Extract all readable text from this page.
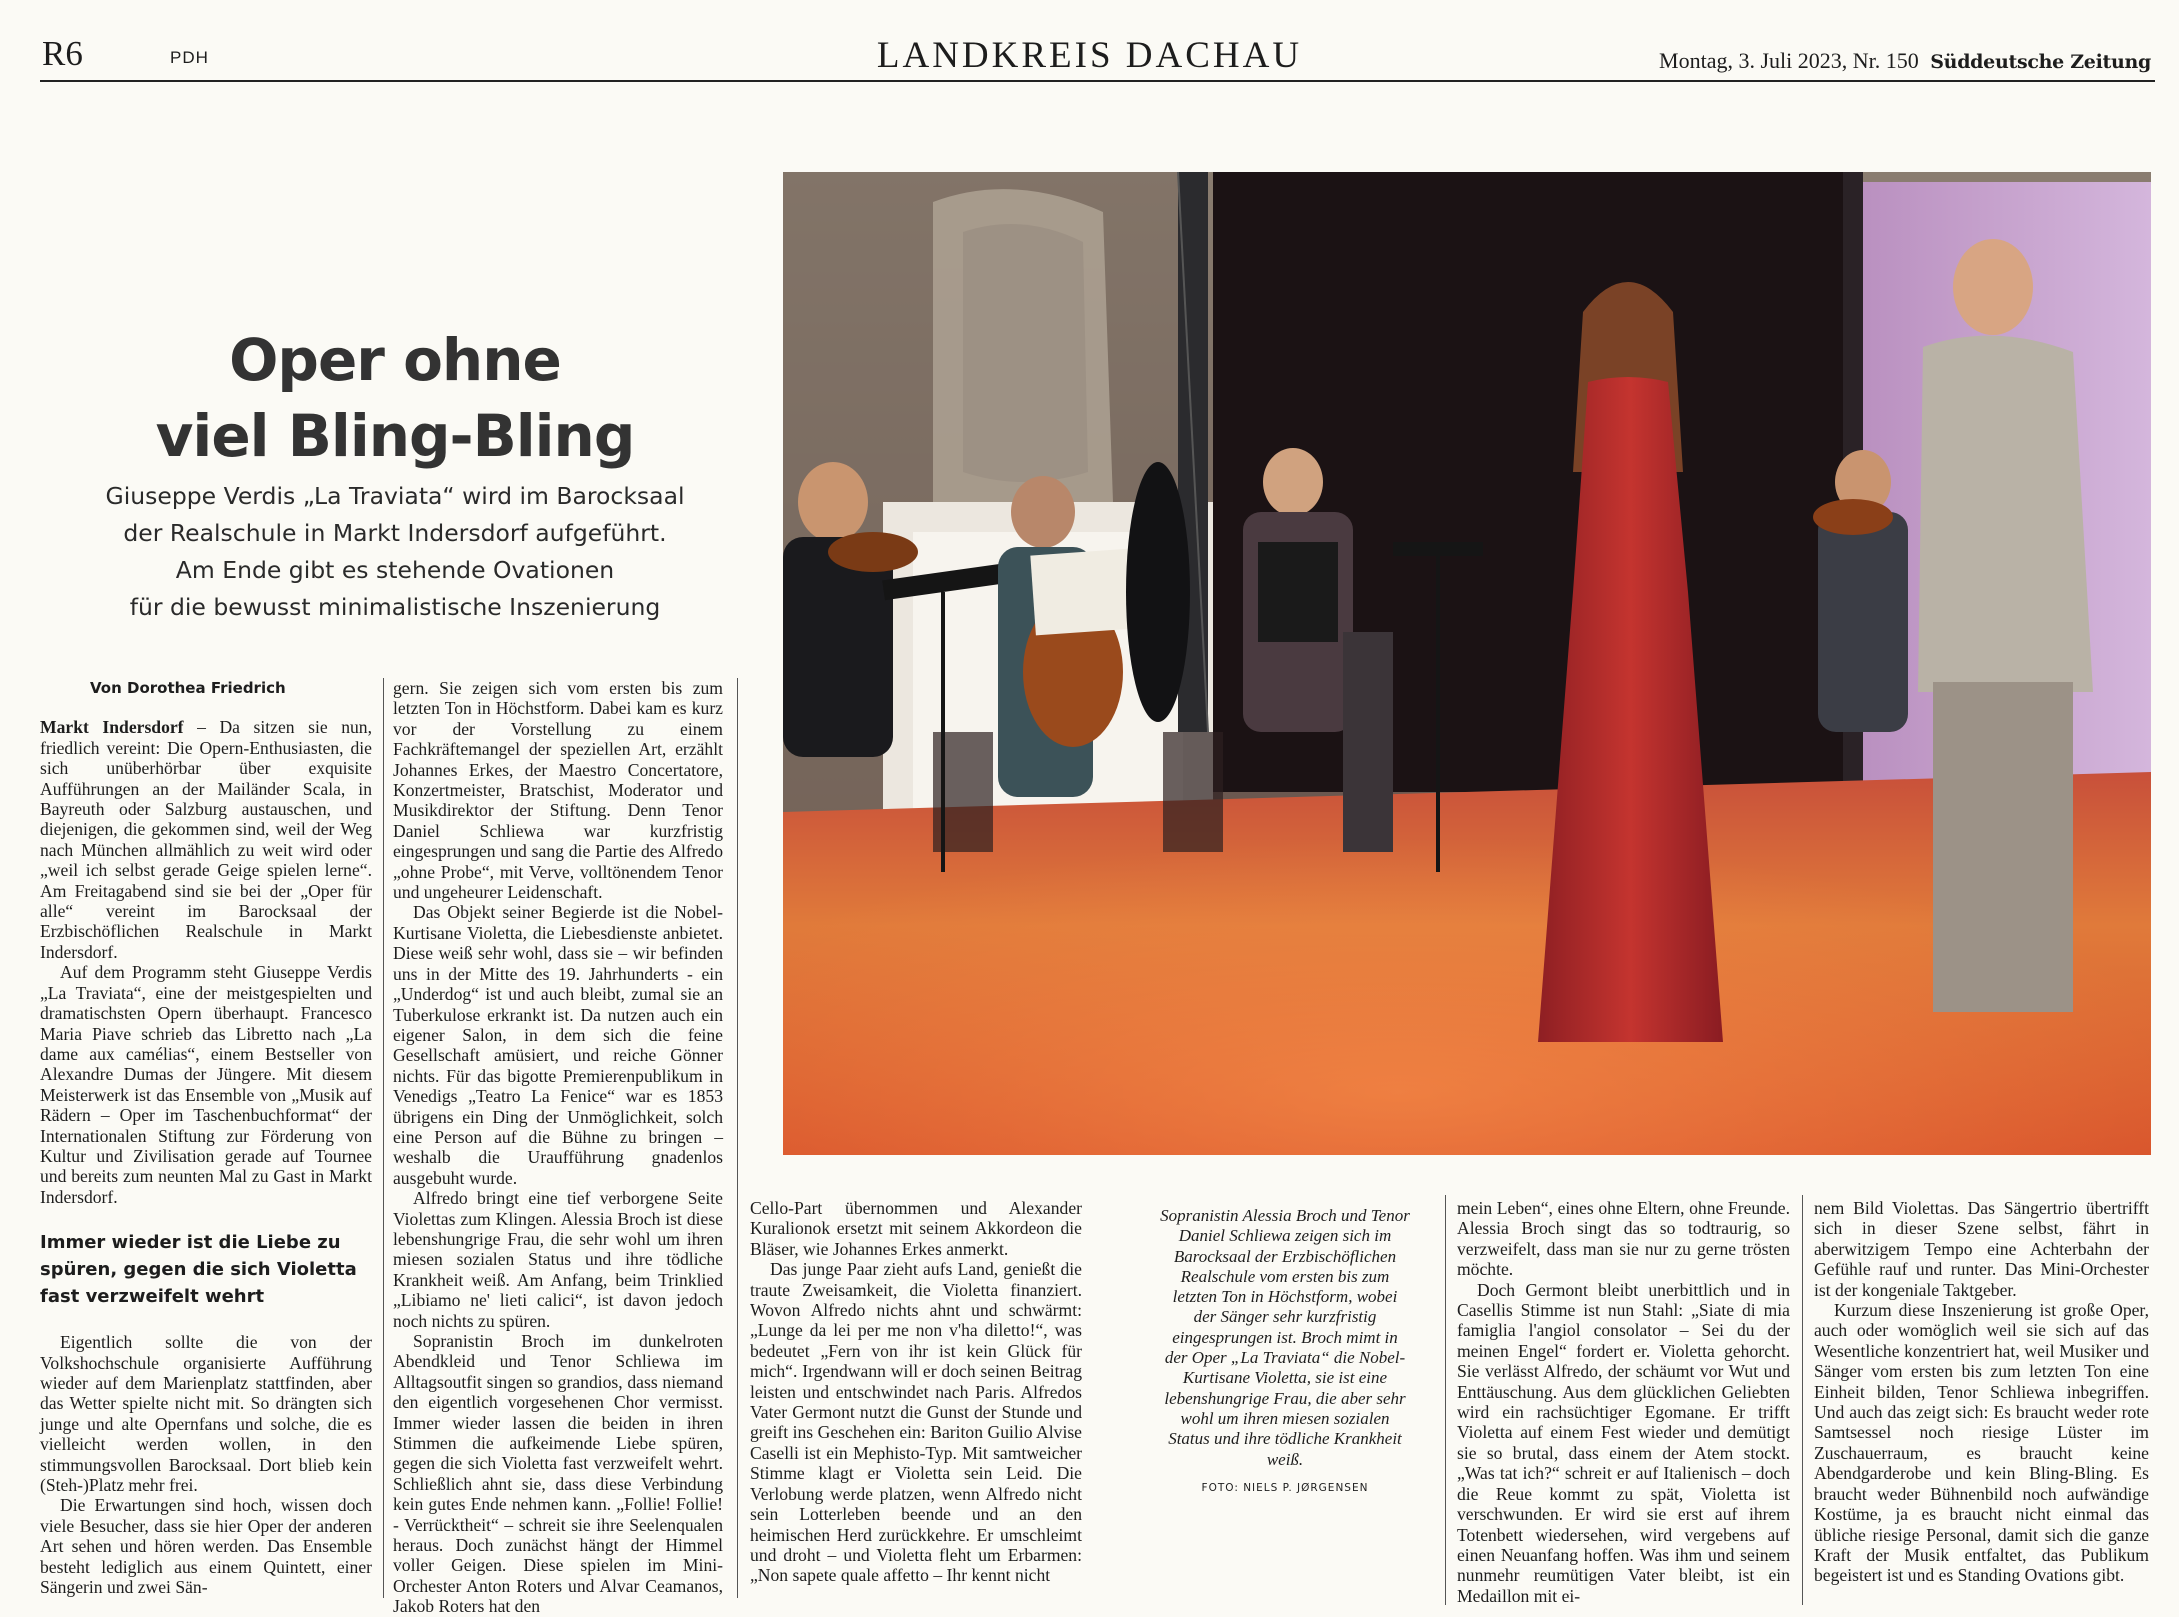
R6	PDH	LANDKREIS DACHAU	Montag, 3. Juli 2023, Nr. 150 Süddeutsche Zeitung
Oper ohne
viel Bling-Bling
Giuseppe Verdis „La Traviata“ wird im Barocksaal
der Realschule in Markt Indersdorf aufgeführt.
Am Ende gibt es stehende Ovationen
für die bewusst minimalistische Inszenierung
Von Dorothea Friedrich

Markt Indersdorf – Da sitzen sie nun, friedlich vereint: Die Opern-Enthusiasten, die sich unüberhörbar über exquisite Aufführungen an der Mailänder Scala, in Bayreuth oder Salzburg austauschen, und diejenigen, die gekommen sind, weil der Weg nach München allmählich zu weit wird oder „weil ich selbst gerade Geige spielen lerne“. Am Freitagabend sind sie bei der „Oper für alle“ vereint im Barocksaal der Erzbischöflichen Realschule in Markt Indersdorf.

Auf dem Programm steht Giuseppe Verdis „La Traviata“, eine der meistgespielten und dramatischsten Opern überhaupt. Francesco Maria Piave schrieb das Libretto nach „La dame aux camélias“, einem Bestseller von Alexandre Dumas der Jüngere. Mit diesem Meisterwerk ist das Ensemble von „Musik auf Rädern – Oper im Taschenbuchformat“ der Internationalen Stiftung zur Förderung von Kultur und Zivilisation gerade auf Tournee und bereits zum neunten Mal zu Gast in Markt Indersdorf.

Immer wieder ist die Liebe zu spüren, gegen die sich Violetta fast verzweifelt wehrt

Eigentlich sollte die von der Volkshochschule organisierte Aufführung wieder auf dem Marienplatz stattfinden, aber das Wetter spielte nicht mit. So drängten sich junge und alte Opernfans und solche, die es vielleicht werden wollen, in den stimmungsvollen Barocksaal. Dort blieb kein (Steh-)Platz mehr frei.

Die Erwartungen sind hoch, wissen doch viele Besucher, dass sie hier Oper der anderen Art sehen und hören werden. Das Ensemble besteht lediglich aus einem Quintett, einer Sängerin und zwei Sän-

gern. Sie zeigen sich vom ersten bis zum letzten Ton in Höchstform. Dabei kam es kurz vor der Vorstellung zu einem Fachkräftemangel der speziellen Art, erzählt Johannes Erkes, der Maestro Concertatore, Konzertmeister, Bratschist, Moderator und Musikdirektor der Stiftung. Denn Tenor Daniel Schliewa war kurzfristig eingesprungen und sang die Partie des Alfredo „ohne Probe“, mit Verve, volltönendem Tenor und ungeheurer Leidenschaft.

Das Objekt seiner Begierde ist die Nobel-Kurtisane Violetta, die Liebesdienste anbietet. Diese weiß sehr wohl, dass sie – wir befinden uns in der Mitte des 19. Jahrhunderts - ein „Underdog“ ist und auch bleibt, zumal sie an Tuberkulose erkrankt ist. Da nutzen auch ein eigener Salon, in dem sich die feine Gesellschaft amüsiert, und reiche Gönner nichts. Für das bigotte Premierenpublikum in Venedigs „Teatro La Fenice“ war es 1853 übrigens ein Ding der Unmöglichkeit, solch eine Person auf die Bühne zu bringen – weshalb die Uraufführung gnadenlos ausgebuht wurde.

Alfredo bringt eine tief verborgene Seite Violettas zum Klingen. Alessia Broch ist diese lebenshungrige Frau, die sehr wohl um ihren miesen sozialen Status und ihre tödliche Krankheit weiß. Am Anfang, beim Trinklied „Libiamo ne' lieti calici“, ist davon jedoch noch nichts zu spüren.

Sopranistin Broch im dunkelroten Abendkleid und Tenor Schliewa im Alltagsoutfit singen so grandios, dass niemand den eigentlich vorgesehenen Chor vermisst. Immer wieder lassen die beiden in ihren Stimmen die aufkeimende Liebe spüren, gegen die sich Violetta fast verzweifelt wehrt. Schließlich ahnt sie, dass diese Verbindung kein gutes Ende nehmen kann. „Follie! Follie! - Verrücktheit“ – schreit sie ihre Seelenqualen heraus. Doch zunächst hängt der Himmel voller Geigen. Diese spielen im Mini-Orchester Anton Roters und Alvar Ceamanos, Jakob Roters hat den

Cello-Part übernommen und Alexander Kuralionok ersetzt mit seinem Akkordeon die Bläser, wie Johannes Erkes anmerkt.

Das junge Paar zieht aufs Land, genießt die traute Zweisamkeit, die Violetta finanziert. Wovon Alfredo nichts ahnt und schwärmt: „Lunge da lei per me non v'ha diletto!“, was bedeutet „Fern von ihr ist kein Glück für mich“. Irgendwann will er doch seinen Beitrag leisten und entschwindet nach Paris. Alfredos Vater Germont nutzt die Gunst der Stunde und greift ins Geschehen ein: Bariton Guilio Alvise Caselli ist ein Mephisto-Typ. Mit samtweicher Stimme klagt er Violetta sein Leid. Die Verlobung werde platzen, wenn Alfredo nicht sein Lotterleben beende und an den heimischen Herd zurückkehre. Er umschleimt und droht – und Violetta fleht um Erbarmen: „Non sapete quale affetto – Ihr kennt nicht

Sopranistin Alessia Broch und Tenor Daniel Schliewa zeigen sich im Barocksaal der Erzbischöflichen Realschule vom ersten bis zum letzten Ton in Höchstform, wobei der Sänger sehr kurzfristig eingesprungen ist. Broch mimt in der Oper „La Traviata“ die Nobel-Kurtisane Violetta, sie ist eine lebenshungrige Frau, die aber sehr wohl um ihren miesen sozialen Status und ihre tödliche Krankheit weiß.
FOTO: NIELS P. JØRGENSEN

mein Leben“, eines ohne Eltern, ohne Freunde. Alessia Broch singt das so todtraurig, so verzweifelt, dass man sie nur zu gerne trösten möchte.

Doch Germont bleibt unerbittlich und in Casellis Stimme ist nun Stahl: „Siate di mia famiglia l'angiol consolator – Sei du der meinen Engel“ fordert er. Violetta gehorcht. Sie verlässt Alfredo, der schäumt vor Wut und Enttäuschung. Aus dem glücklichen Geliebten wird ein rachsüchtiger Egomane. Er trifft Violetta auf einem Fest wieder und demütigt sie so brutal, dass einem der Atem stockt. „Was tat ich?“ schreit er auf Italienisch – doch die Reue kommt zu spät, Violetta ist verschwunden. Er wird sie erst auf ihrem Totenbett wiedersehen, wird vergebens auf einen Neuanfang hoffen. Was ihm und seinem nunmehr reumütigen Vater bleibt, ist ein Medaillon mit ei-

nem Bild Violettas. Das Sängertrio übertrifft sich in dieser Szene selbst, fährt in aberwitzigem Tempo eine Achterbahn der Gefühle rauf und runter. Das Mini-Orchester ist der kongeniale Taktgeber.

Kurzum diese Inszenierung ist große Oper, auch oder womöglich weil sie sich auf das Wesentliche konzentriert hat, weil Musiker und Sänger vom ersten bis zum letzten Ton eine Einheit bilden, Tenor Schliewa inbegriffen. Und auch das zeigt sich: Es braucht weder rote Samtsessel noch riesige Lüster im Zuschauerraum, es braucht keine Abendgarderobe und kein Bling-Bling. Es braucht weder Bühnenbild noch aufwändige Kostüme, ja es braucht nicht einmal das übliche riesige Personal, damit sich die ganze Kraft der Musik entfaltet, das Publikum begeistert ist und es Standing Ovations gibt.
